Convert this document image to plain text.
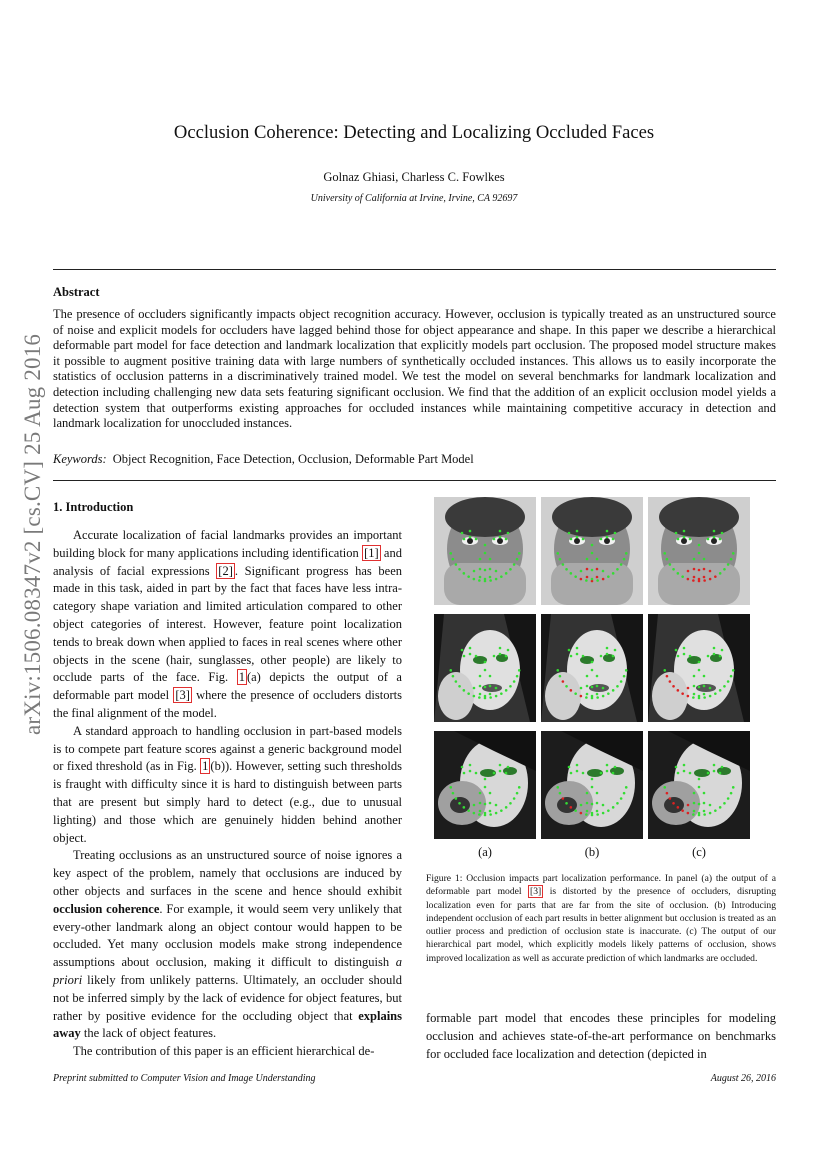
arXiv:1506.08347v2 [cs.CV] 25 Aug 2016
Occlusion Coherence: Detecting and Localizing Occluded Faces
Golnaz Ghiasi, Charless C. Fowlkes
University of California at Irvine, Irvine, CA 92697
Abstract
The presence of occluders significantly impacts object recognition accuracy. However, occlusion is typically treated as an unstructured source of noise and explicit models for occluders have lagged behind those for object appearance and shape. In this paper we describe a hierarchical deformable part model for face detection and landmark localization that explicitly models part occlusion. The proposed model structure makes it possible to augment positive training data with large numbers of synthetically occluded instances. This allows us to easily incorporate the statistics of occlusion patterns in a discriminatively trained model. We test the model on several benchmarks for landmark localization and detection including challenging new data sets featuring significant occlusion. We find that the addition of an explicit occlusion model yields a detection system that outperforms existing approaches for occluded instances while maintaining competitive accuracy in detection and landmark localization for unoccluded instances.
Keywords: Object Recognition, Face Detection, Occlusion, Deformable Part Model
1. Introduction

Accurate localization of facial landmarks provides an important building block for many applications including identification [1] and analysis of facial expressions [2] . Significant progress has been made in this task, aided in part by the fact that faces have less intra-category shape variation and limited articulation compared to other object categories of interest. However, feature point localization tends to break down when applied to faces in real scenes where other objects in the scene (hair, sunglasses, other people) are likely to occlude parts of the face. Fig. 1 (a) depicts the output of a deformable part model [3] where the presence of occluders distorts the final alignment of the model.

A standard approach to handling occlusion in part-based models is to compete part feature scores against a generic background model or fixed threshold (as in Fig. 1 (b)). However, setting such thresholds is fraught with difficulty since it is hard to distinguish between parts that are present but simply hard to detect (e.g., due to unusual lighting) and those which are genuinely hidden behind another object.

Treating occlusions as an unstructured source of noise ignores a key aspect of the problem, namely that occlusions are induced by other objects and surfaces in the scene and hence should exhibit occlusion coherence. For example, it would seem very unlikely that every-other landmark along an object contour would happen to be occluded. Yet many occlusion models make strong independence assumptions about occlusion, making it difficult to distinguish a priori likely from unlikely patterns. Ultimately, an occluder should not be inferred simply by the lack of evidence for object features, but rather by positive evidence for the occluding object that explains away the lack of object features.

The contribution of this paper is an efficient hierarchical de-

(a)	(b)	(c)
Figure 1: Occlusion impacts part localization performance. In panel (a) the output of a deformable part model [3] is distorted by the presence of occluders, disrupting localization even for parts that are far from the site of occlusion. (b) Introducing independent occlusion of each part results in better alignment but occlusion is treated as an outlier process and prediction of occlusion state is inaccurate. (c) The output of our hierarchical part model, which explicitly models likely patterns of occlusion, shows improved localization as well as accurate prediction of which landmarks are occluded.
formable part model that encodes these principles for modeling occlusion and achieves state-of-the-art performance on benchmarks for occluded face localization and detection (depicted in
Preprint submitted to Computer Vision and Image Understanding	August 26, 2016
